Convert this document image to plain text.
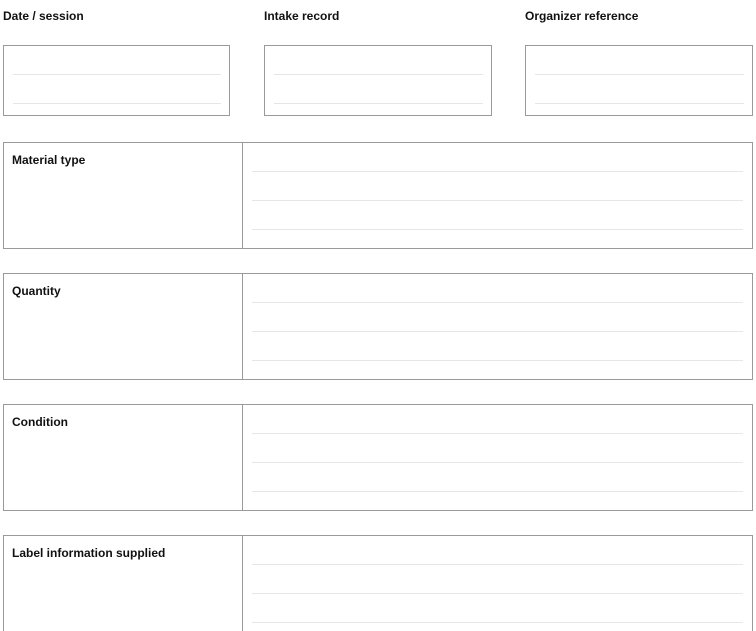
Date / session	Intake record	Organizer reference
Material type
Quantity
Condition
Label information supplied
